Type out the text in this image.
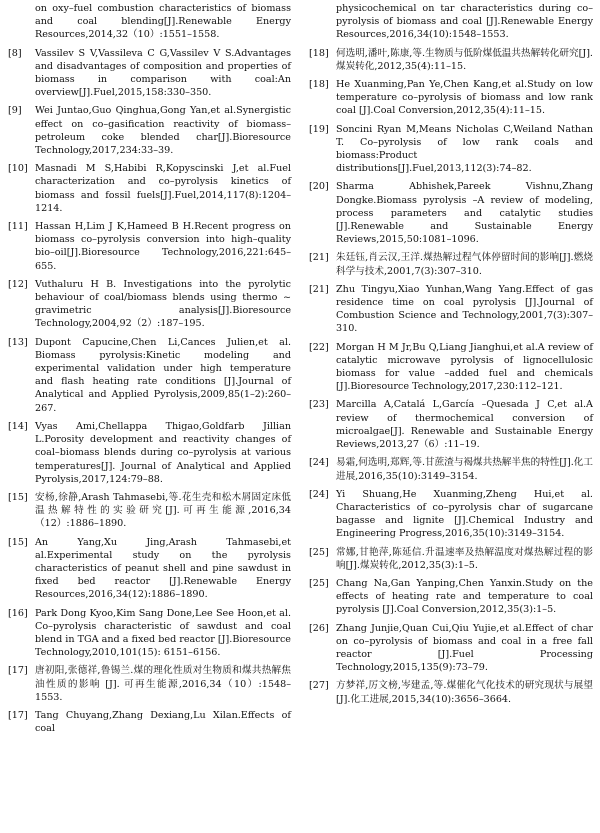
on oxy–fuel combustion characteristics of biomass and coal blending[J].Renewable Energy Resources,2014,32（10）:1551–1558.
[8]	Vassilev S V,Vassileva C G,Vassilev V S.Advantages and disadvantages of composition and properties of biomass in comparison with coal:An overview[J].Fuel,2015,158:330–350.
[9]	Wei Juntao,Guo Qinghua,Gong Yan,et al.Synergistic effect on co–gasification reactivity of biomass–petroleum coke blended char[J].Bioresource Technology,2017,234:33–39.
[10] Masnadi M S,Habibi R,Kopyscinski J,et al.Fuel characterization and co–pyrolysis kinetics of biomass and fossil fuels[J].Fuel,2014,117(8):1204–1214.
[11] Hassan H,Lim J K,Hameed B H.Recent progress on biomass co–pyrolysis conversion into high–quality bio–oil[J].Bioresource Technology,2016,221:645–655.
[12] Vuthaluru H B. Investigations into the pyrolytic behaviour of coal/biomass blends using thermo ~ gravimetric analysis[J].Bioresource Technology,2004,92（2）:187–195.
[13] Dupont Capucine,Chen Li,Cances Julien,et al. Biomass pyrolysis:Kinetic modeling and experimental validation under high temperature and flash heating rate conditions [J].Journal of Analytical and Applied Pyrolysis,2009,85(1–2):260–267.
[14] Vyas Ami,Chellappa Thigao,Goldfarb Jillian L.Porosity development and reactivity changes of coal–biomass blends during co–pyrolysis at various temperatures[J]. Journal of Analytical and Applied Pyrolysis,2017,124:79–88.
[15] 安杨,徐静,Arash Tahmasebi,等.花生壳和松木屑固定床低温热解特性的实验研究[J].可再生能源,2016,34（12）:1886–1890.
[15] An Yang,Xu Jing,Arash Tahmasebi,et al.Experimental study on the pyrolysis characteristics of peanut shell and pine sawdust in fixed bed reactor [J].Renewable Energy Resources,2016,34(12):1886–1890.
[16] Park Dong Kyoo,Kim Sang Done,Lee See Hoon,et al. Co–pyrolysis characteristic of sawdust and coal blend in TGA and a fixed bed reactor [J].Bioresource Technology,2010,101(15): 6151–6156.
[17] 唐初阳,张德祥,鲁锡兰.煤的理化性质对生物质和煤共热解焦油性质的影响 [J]. 可再生能源,2016,34（10）:1548–1553.
[17] Tang Chuyang,Zhang Dexiang,Lu Xilan.Effects of coal
physicochemical on tar characteristics during co–pyrolysis of biomass and coal [J].Renewable Energy Resources,2016,34(10):1548–1553.
[18] 何选明,潘叶,陈康,等.生物质与低阶煤低温共热解转化研究[J].煤炭转化,2012,35(4):11–15.
[18] He Xuanming,Pan Ye,Chen Kang,et al.Study on low temperature co–pyrolysis of biomass and low rank coal [J].Coal Conversion,2012,35(4):11–15.
[19] Soncini Ryan M,Means Nicholas C,Weiland Nathan T. Co–pyrolysis of low rank coals and biomass:Product distributions[J].Fuel,2013,112(3):74–82.
[20] Sharma Abhishek,Pareek Vishnu,Zhang Dongke.Biomass pyrolysis –A review of modeling, process parameters and catalytic studies [J].Renewable and Sustainable Energy Reviews,2015,50:1081–1096.
[21] 朱廷钰,肖云汉,王洋.煤热解过程气体停留时间的影响[J].燃烧科学与技术,2001,7(3):307–310.
[21] Zhu Tingyu,Xiao Yunhan,Wang Yang.Effect of gas residence time on coal pyrolysis [J].Journal of Combustion Science and Technology,2001,7(3):307–310.
[22] Morgan H M Jr,Bu Q,Liang Jianghui,et al.A review of catalytic microwave pyrolysis of lignocellulosic biomass for value –added fuel and chemicals [J].Bioresource Technology,2017,230:112–121.
[23] Marcilla A,Catalá L,García –Quesada J C,et al.A review of thermochemical conversion of microalgae[J]. Renewable and Sustainable Energy Reviews,2013,27（6）:11–19.
[24] 易霜,何选明,郑辉,等.甘蔗渣与褐煤共热解半焦的特性[J].化工进展,2016,35(10):3149–3154.
[24] Yi Shuang,He Xuanming,Zheng Hui,et al. Characteristics of co–pyrolysis char of sugarcane bagasse and lignite [J].Chemical Industry and Engineering Progress,2016,35(10):3149–3154.
[25] 常娜,甘艳萍,陈延信.升温速率及热解温度对煤热解过程的影响[J].煤炭转化,2012,35(3):1–5.
[25] Chang Na,Gan Yanping,Chen Yanxin.Study on the effects of heating rate and temperature to coal pyrolysis [J].Coal Conversion,2012,35(3):1–5.
[26] Zhang Junjie,Quan Cui,Qiu Yujie,et al.Effect of char on co–pyrolysis of biomass and coal in a free fall reactor [J].Fuel Processing Technology,2015,135(9):73–79.
[27] 方梦祥,厉文榜,岑建孟,等.煤催化气化技术的研究现状与展望[J].化工进展,2015,34(10):3656–3664.
